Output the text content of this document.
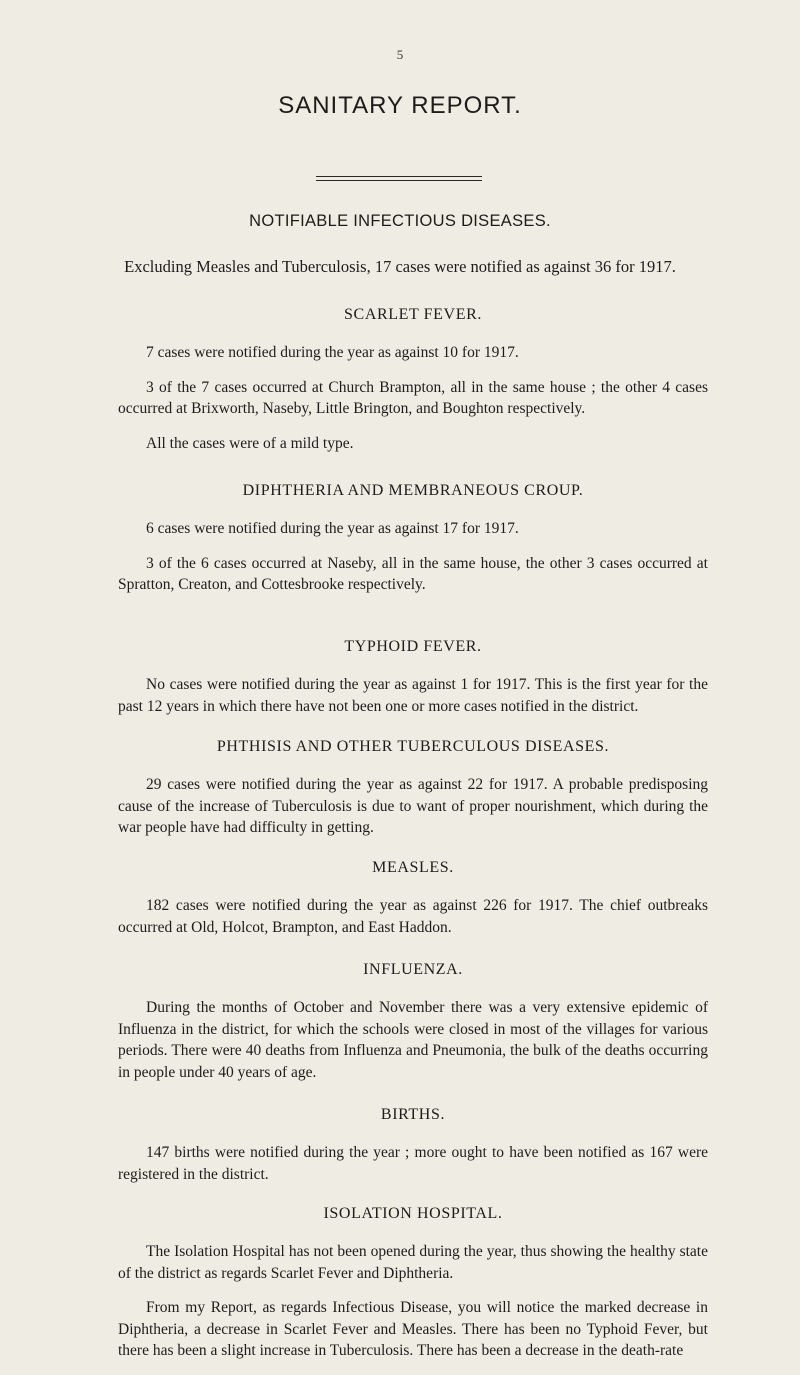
5
SANITARY REPORT.
NOTIFIABLE INFECTIOUS DISEASES.
Excluding Measles and Tuberculosis, 17 cases were notified as against 36 for 1917.
SCARLET FEVER.

7 cases were notified during the year as against 10 for 1917.

3 of the 7 cases occurred at Church Brampton, all in the same house ; the other 4 cases occurred at Brixworth, Naseby, Little Brington, and Boughton respectively.

All the cases were of a mild type.

DIPHTHERIA AND MEMBRANEOUS CROUP.

6 cases were notified during the year as against 17 for 1917.

3 of the 6 cases occurred at Naseby, all in the same house, the other 3 cases occurred at Spratton, Creaton, and Cottesbrooke respectively.

TYPHOID FEVER.

No cases were notified during the year as against 1 for 1917. This is the first year for the past 12 years in which there have not been one or more cases notified in the district.

PHTHISIS AND OTHER TUBERCULOUS DISEASES.

29 cases were notified during the year as against 22 for 1917. A probable predisposing cause of the increase of Tuberculosis is due to want of proper nourishment, which during the war people have had difficulty in getting.

MEASLES.

182 cases were notified during the year as against 226 for 1917. The chief outbreaks occurred at Old, Holcot, Brampton, and East Haddon.

INFLUENZA.

During the months of October and November there was a very extensive epidemic of Influenza in the district, for which the schools were closed in most of the villages for various periods. There were 40 deaths from Influenza and Pneumonia, the bulk of the deaths occurring in people under 40 years of age.

BIRTHS.

147 births were notified during the year ; more ought to have been notified as 167 were registered in the district.

ISOLATION HOSPITAL.

The Isolation Hospital has not been opened during the year, thus showing the healthy state of the district as regards Scarlet Fever and Diphtheria.

From my Report, as regards Infectious Disease, you will notice the marked decrease in Diphtheria, a decrease in Scarlet Fever and Measles. There has been no Typhoid Fever, but there has been a slight increase in Tuberculosis. There has been a decrease in the death-rate
